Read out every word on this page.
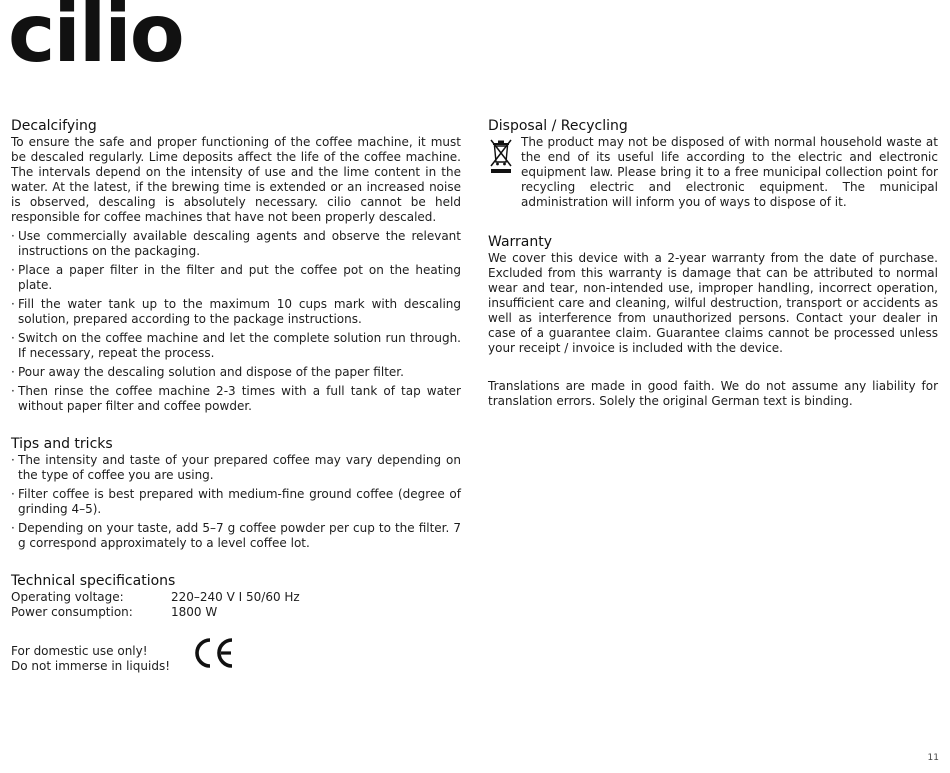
cilio
Decalcifying

To ensure the safe and proper functioning of the coffee machine, it must be descaled regularly. Lime deposits affect the life of the coffee machine. The intervals depend on the intensity of use and the lime content in the water. At the latest, if the brewing time is extended or an increased noise is observed, descaling is absolutely necessary. cilio cannot be held responsible for coffee machines that have not been properly descaled.

· Use commercially available descaling agents and observe the relevant instructions on the packaging.
· Place a paper filter in the filter and put the coffee pot on the heating plate.
· Fill the water tank up to the maximum 10 cups mark with descaling solution, prepared according to the package instructions.
· Switch on the coffee machine and let the complete solution run through. If necessary, repeat the process.
· Pour away the descaling solution and dispose of the paper filter.
· Then rinse the coffee machine 2-3 times with a full tank of tap water without paper filter and coffee powder.
Tips and tricks
· The intensity and taste of your prepared coffee may vary depending on the type of coffee you are using.
· Filter coffee is best prepared with medium-fine ground coffee (degree of grinding 4–5).
· Depending on your taste, add 5–7 g coffee powder per cup to the filter. 7 g correspond approximately to a level coffee lot.
Technical specifications
Operating voltage:	220–240 V I 50/60 Hz
Power consumption:	1800 W
For domestic use only!
Do not immerse in liquids!
Disposal / Recycling
The product may not be disposed of with normal household waste at the end of its useful life according to the electric and electronic equipment law. Please bring it to a free municipal collection point for recycling electric and electronic equipment. The municipal administration will inform you of ways to dispose of it.
Warranty

We cover this device with a 2-year warranty from the date of purchase. Excluded from this warranty is damage that can be attributed to normal wear and tear, non-intended use, improper handling, incorrect operation, insufficient care and cleaning, wilful destruction, transport or accidents as well as interference from unauthorized persons. Contact your dealer in case of a guarantee claim. Guarantee claims cannot be processed unless your receipt / invoice is included with the device.

Translations are made in good faith. We do not assume any liability for translation errors. Solely the original German text is binding.

11
